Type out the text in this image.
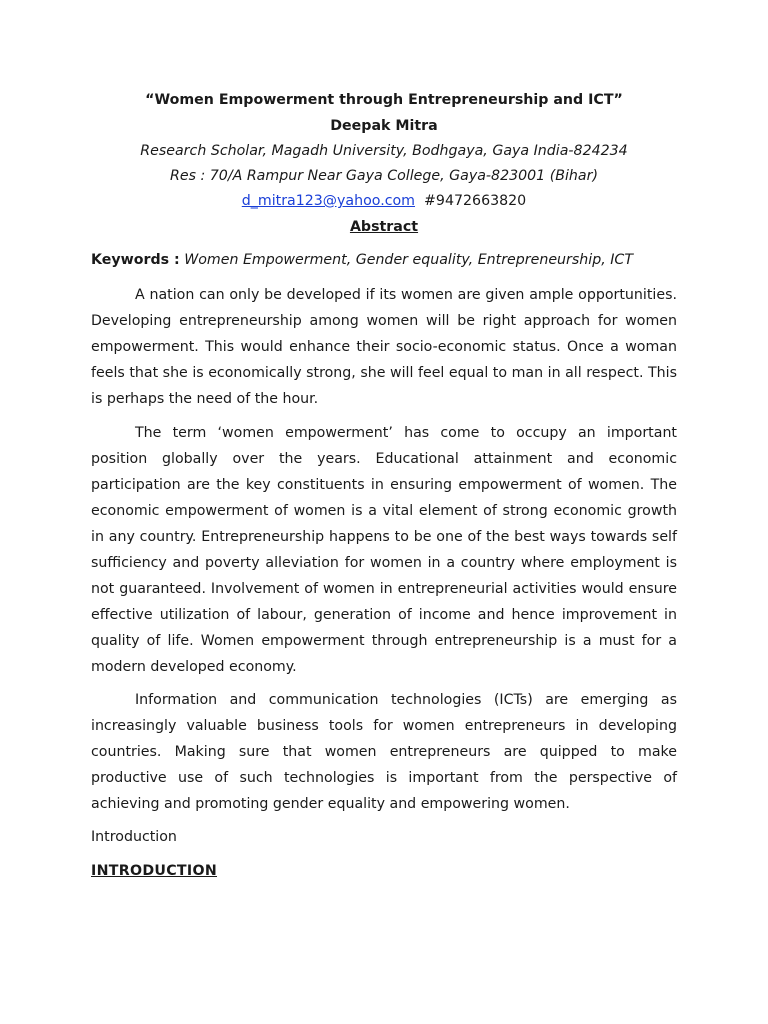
“Women Empowerment through Entrepreneurship and ICT”
Deepak Mitra
Research Scholar, Magadh University, Bodhgaya, Gaya India-824234
Res : 70/A Rampur Near Gaya College, Gaya-823001 (Bihar)
d_mitra123@yahoo.com #9472663820
Abstract
Keywords : Women Empowerment, Gender equality, Entrepreneurship, ICT

A nation can only be developed if its women are given ample opportunities. Developing entrepreneurship among women will be right approach for women empowerment. This would enhance their socio-economic status. Once a woman feels that she is economically strong, she will feel equal to man in all respect. This is perhaps the need of the hour.

The term ‘women empowerment’ has come to occupy an important position globally over the years. Educational attainment and economic participation are the key constituents in ensuring empowerment of women. The economic empowerment of women is a vital element of strong economic growth in any country. Entrepreneurship happens to be one of the best ways towards self sufficiency and poverty alleviation for women in a country where employment is not guaranteed. Involvement of women in entrepreneurial activities would ensure effective utilization of labour, generation of income and hence improvement in quality of life. Women empowerment through entrepreneurship is a must for a modern developed economy.

Information and communication technologies (ICTs) are emerging as increasingly valuable business tools for women entrepreneurs in developing countries. Making sure that women entrepreneurs are quipped to make productive use of such technologies is important from the perspective of achieving and promoting gender equality and empowering women.

Introduction
INTRODUCTION
